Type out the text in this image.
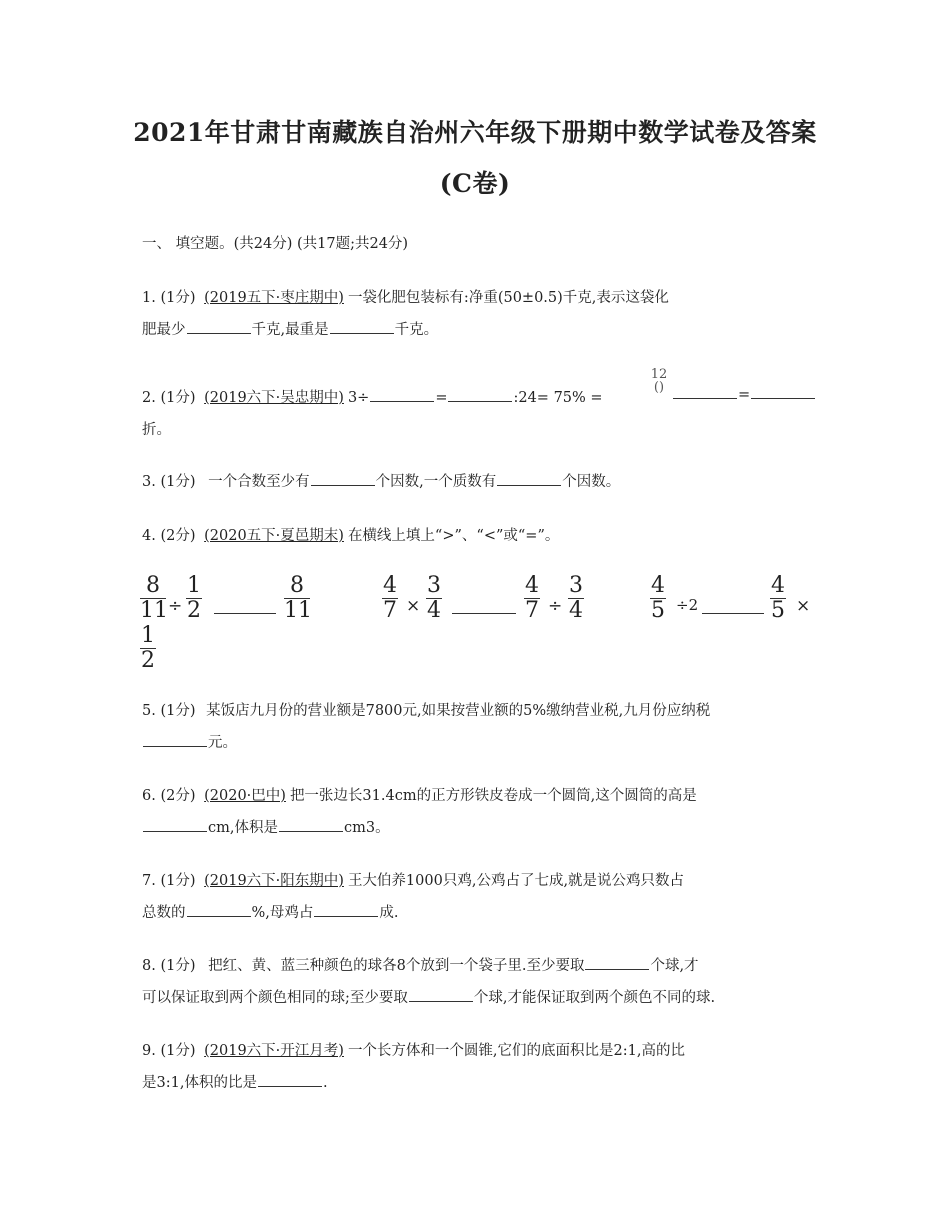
2021年甘肃甘南藏族自治州六年级下册期中数学试卷及答案
(C卷)
一、 填空题。(共24分) (共17题;共24分)
1. (1分) (2019五下·枣庄期中) 一袋化肥包装标有:净重(50±0.5)千克,表示这袋化
肥最少	千克,最重是	千克。
2. (1分) (2019六下·吴忠期中) 3÷	=	:24= 75% =
12 ()	=
折。
3. (1分) 一个合数至少有	个因数,一个质数有	个因数。
4. (2分) (2020五下·夏邑期末) 在横线上填上“>”、“<”或“=”。
8
11 ÷
1
2
8
11
4
7 ×
3
4
4
7 ÷
3
4
4
5 ÷2
4
5 ×
1
2
5. (1分) 某饭店九月份的营业额是7800元,如果按营业额的5%缴纳营业税,九月份应纳税
元。
6. (2分) (2020·巴中) 把一张边长31.4cm的正方形铁皮卷成一个圆筒,这个圆筒的高是
cm,体积是	cm3。
7. (1分) (2019六下·阳东期中) 王大伯养1000只鸡,公鸡占了七成,就是说公鸡只数占
总数的	%,母鸡占	成.
8. (1分) 把红、黄、蓝三种颜色的球各8个放到一个袋子里.至少要取	个球,才
可以保证取到两个颜色相同的球;至少要取	个球,才能保证取到两个颜色不同的球.
9. (1分) (2019六下·开江月考) 一个长方体和一个圆锥,它们的底面积比是2:1,高的比
是3:1,体积的比是	.
